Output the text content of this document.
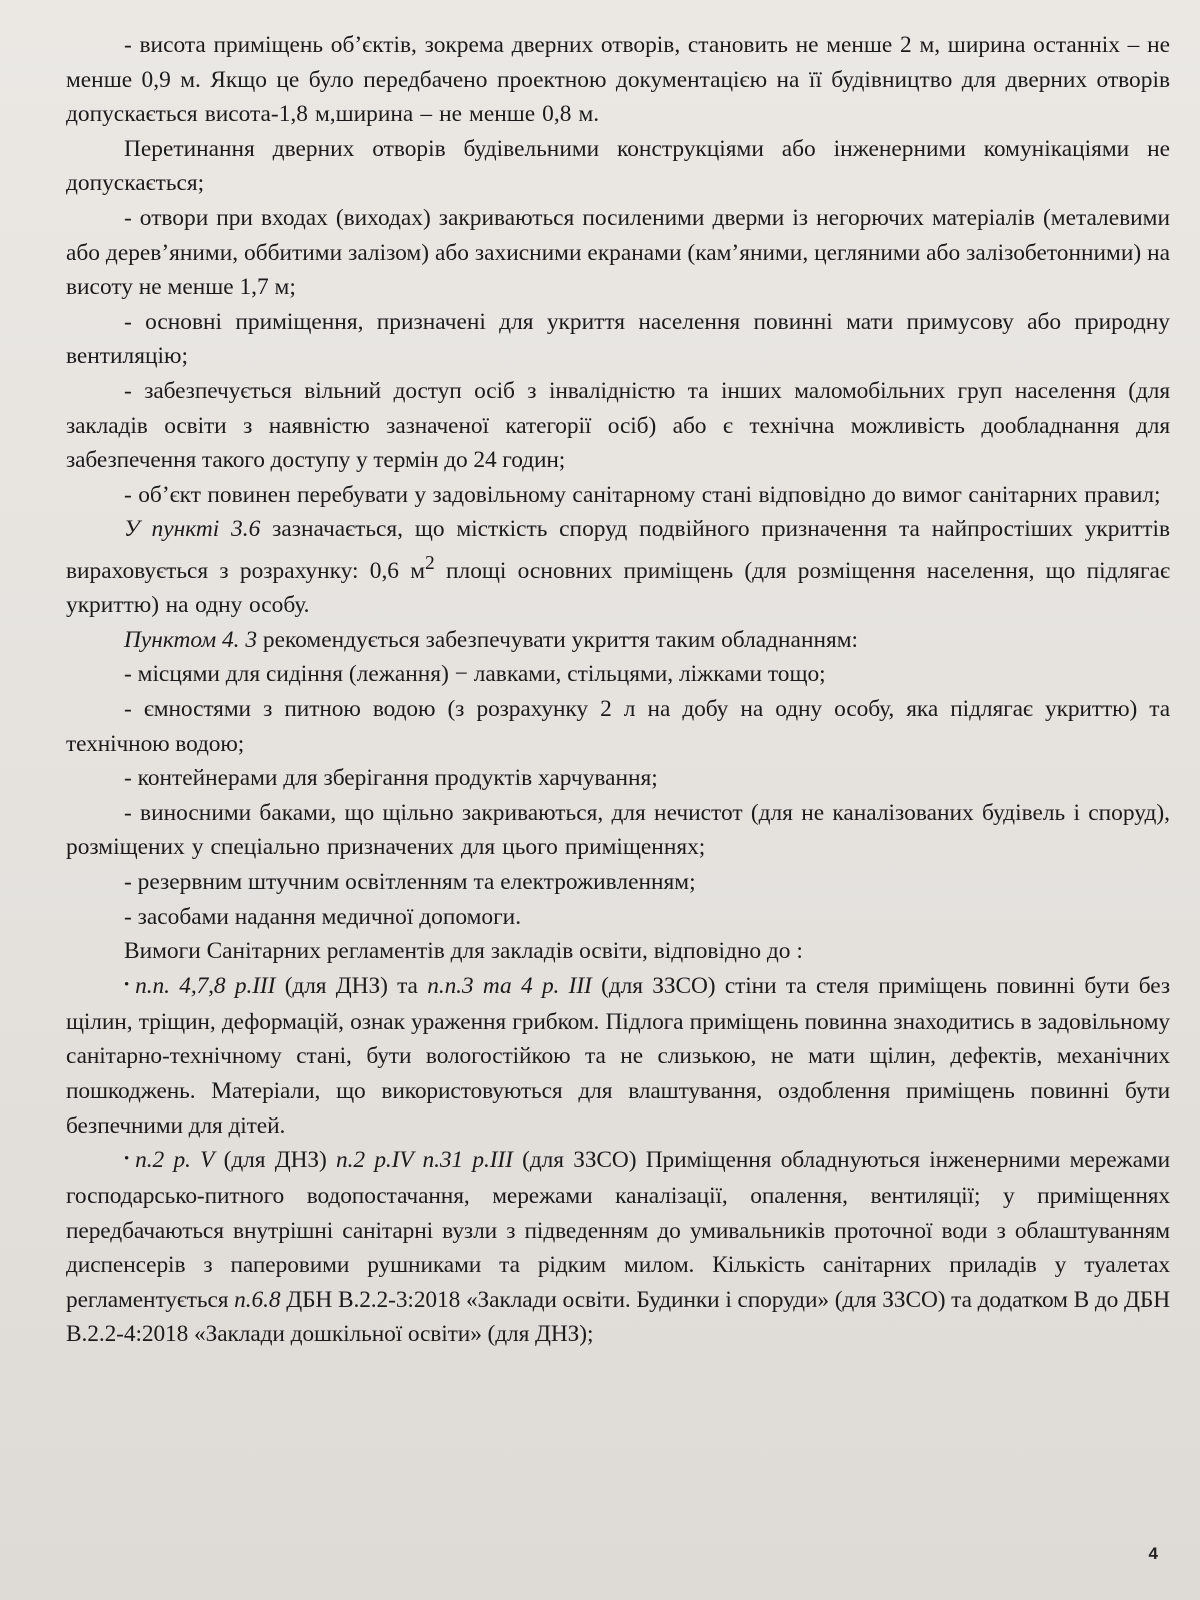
- висота приміщень об’єктів, зокрема дверних отворів, становить не менше 2 м, ширина останніх – не менше 0,9 м. Якщо це було передбачено проектною документацією на її будівництво для дверних отворів допускається висота-1,8 м,ширина – не менше 0,8 м.

Перетинання дверних отворів будівельними конструкціями або інженерними комунікаціями не допускається;

- отвори при входах (виходах) закриваються посиленими дверми із негорючих матеріалів (металевими або дерев’яними, оббитими залізом) або захисними екранами (кам’яними, цегляними або залізобетонними) на висоту не менше 1,7 м;

- основні приміщення, призначені для укриття населення повинні мати примусову або природну вентиляцію;

- забезпечується вільний доступ осіб з інвалідністю та інших маломобільних груп населення (для закладів освіти з наявністю зазначеної категорії осіб) або є технічна можливість дообладнання для забезпечення такого доступу у термін до 24 годин;

- об’єкт повинен перебувати у задовільному санітарному стані відповідно до вимог санітарних правил;

У пункті 3.6 зазначається, що місткість споруд подвійного призначення та найпростіших укриттів вираховується з розрахунку: 0,6 $м^2$ площі основних приміщень (для розміщення населення, що підлягає укриттю) на одну особу.

Пунктом 4. 3 рекомендується забезпечувати укриття таким обладнанням:

- місцями для сидіння (лежання) − лавками, стільцями, ліжками тощо;

- ємностями з питною водою (з розрахунку 2 л на добу на одну особу, яка підлягає укриттю) та технічною водою;

- контейнерами для зберігання продуктів харчування;

- виносними баками, що щільно закриваються, для нечистот (для не каналізованих будівель і споруд), розміщених у спеціально призначених для цього приміщеннях;

- резервним штучним освітленням та електроживленням;

- засобами надання медичної допомоги.

Вимоги Санітарних регламентів для закладів освіти, відповідно до :

• п.п. 4,7,8 р.ІІІ (для ДНЗ) та п.п.3 та 4 р. ІІІ (для ЗЗСО) стіни та стеля приміщень повинні бути без щілин, тріщин, деформацій, ознак ураження грибком. Підлога приміщень повинна знаходитись в задовільному санітарно-технічному стані, бути вологостійкою та не слизькою, не мати щілин, дефектів, механічних пошкоджень. Матеріали, що використовуються для влаштування, оздоблення приміщень повинні бути безпечними для дітей.

• п.2 р. V (для ДНЗ) п.2 р.ІV п.31 р.ІІІ (для ЗЗСО) Приміщення обладнуються інженерними мережами господарсько-питного водопостачання, мережами каналізації, опалення, вентиляції; у приміщеннях передбачаються внутрішні санітарні вузли з підведенням до умивальників проточної води з облаштуванням диспенсерів з паперовими рушниками та рідким милом. Кількість санітарних приладів у туалетах регламентується п.6.8 ДБН В.2.2-3:2018 «Заклади освіти. Будинки і споруди» (для ЗЗСО) та додатком В до ДБН В.2.2-4:2018 «Заклади дошкільної освіти» (для ДНЗ);

4
